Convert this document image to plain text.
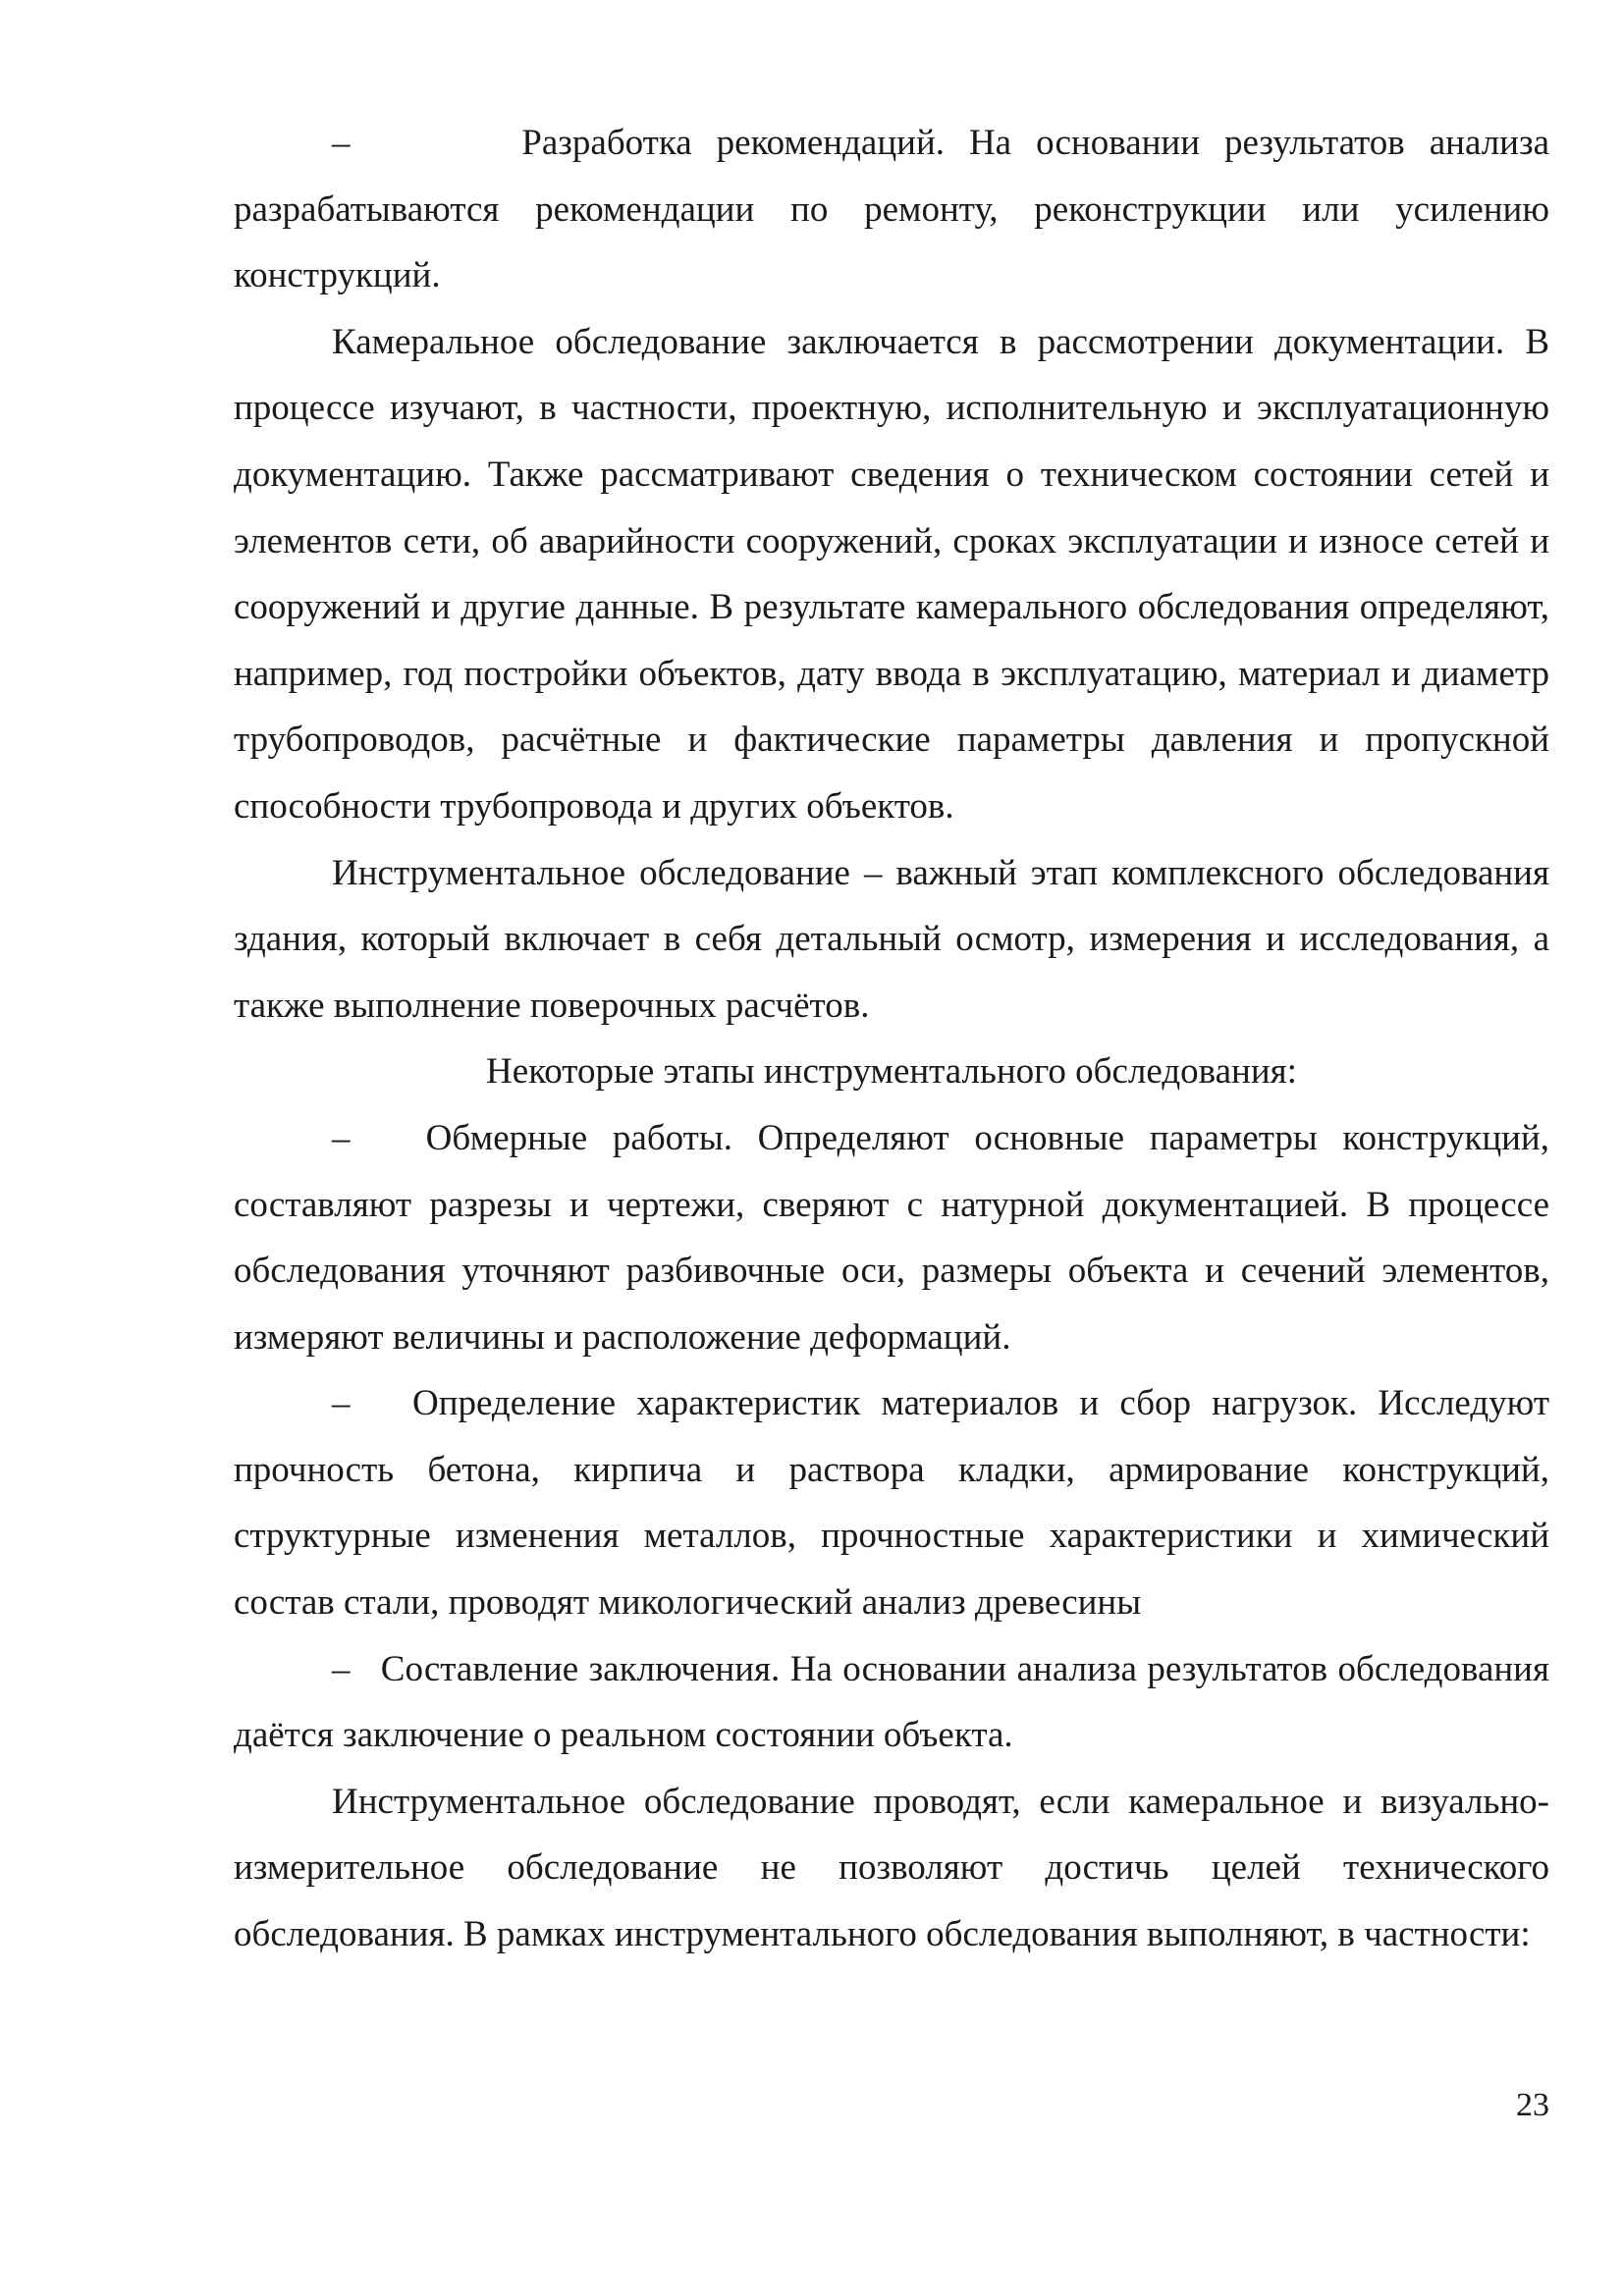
–       Разработка рекомендаций. На основании результатов анализа разрабатываются рекомендации по ремонту, реконструкции или усилению конструкций.

Камеральное обследование заключается в рассмотрении документации. В процессе изучают, в частности, проектную, исполнительную и эксплуатационную документацию. Также рассматривают сведения о техническом состоянии сетей и элементов сети, об аварийности сооружений, сроках эксплуатации и износе сетей и сооружений и другие данные. В результате камерального обследования определяют, например, год постройки объектов, дату ввода в эксплуатацию, материал и диаметр трубопроводов, расчётные и фактические параметры давления и пропускной способности трубопровода и других объектов.

Инструментальное обследование – важный этап комплексного обследования здания, который включает в себя детальный осмотр, измерения и исследования, а также выполнение поверочных расчётов.

Некоторые этапы инструментального обследования:

–   Обмерные работы. Определяют основные параметры конструкций, составляют разрезы и чертежи, сверяют с натурной документацией. В процессе обследования уточняют разбивочные оси, размеры объекта и сечений элементов, измеряют величины и расположение деформаций.

–   Определение характеристик материалов и сбор нагрузок. Исследуют прочность бетона, кирпича и раствора кладки, армирование конструкций, структурные изменения металлов, прочностные характеристики и химический состав стали, проводят микологический анализ древесины

–   Составление заключения. На основании анализа результатов обследования даётся заключение о реальном состоянии объекта.

Инструментальное обследование проводят, если камеральное и визуально-измерительное обследование не позволяют достичь целей технического обследования. В рамках инструментального обследования выполняют, в частности:

23
